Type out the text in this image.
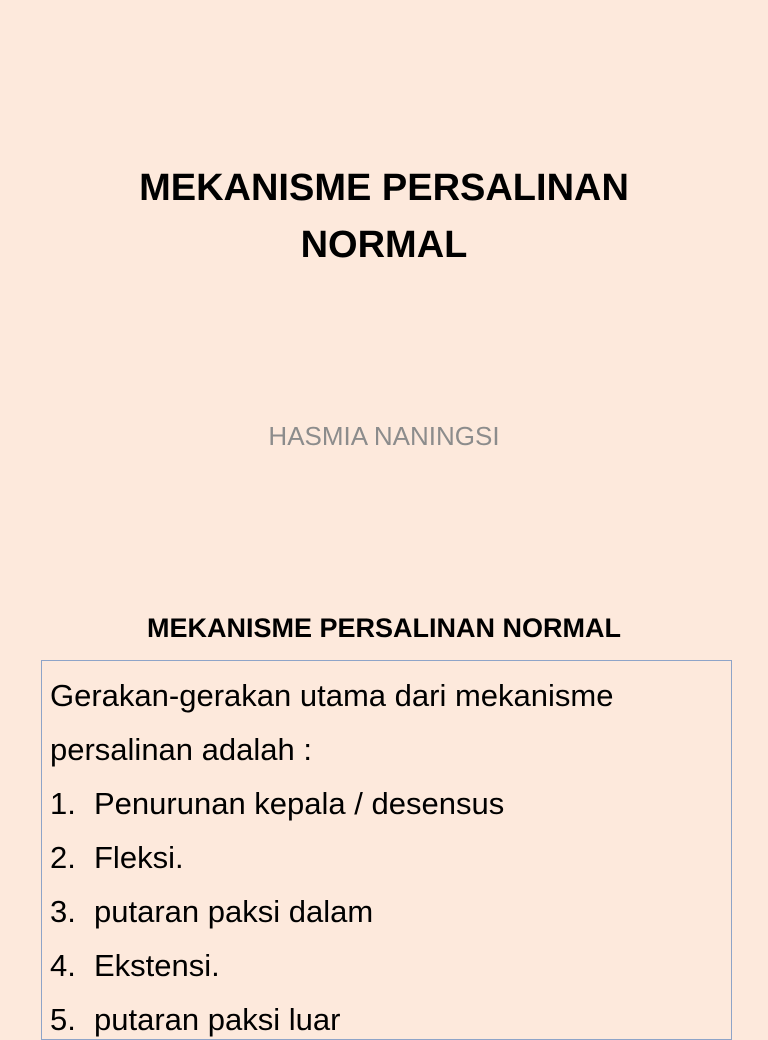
MEKANISME PERSALINAN
NORMAL

HASMIA NANINGSI

MEKANISME PERSALINAN NORMAL

Gerakan-gerakan utama dari mekanisme
persalinan adalah :

1. Penurunan kepala / desensus
2. Fleksi.
3. putaran paksi dalam
4. Ekstensi.
5. putaran paksi luar
